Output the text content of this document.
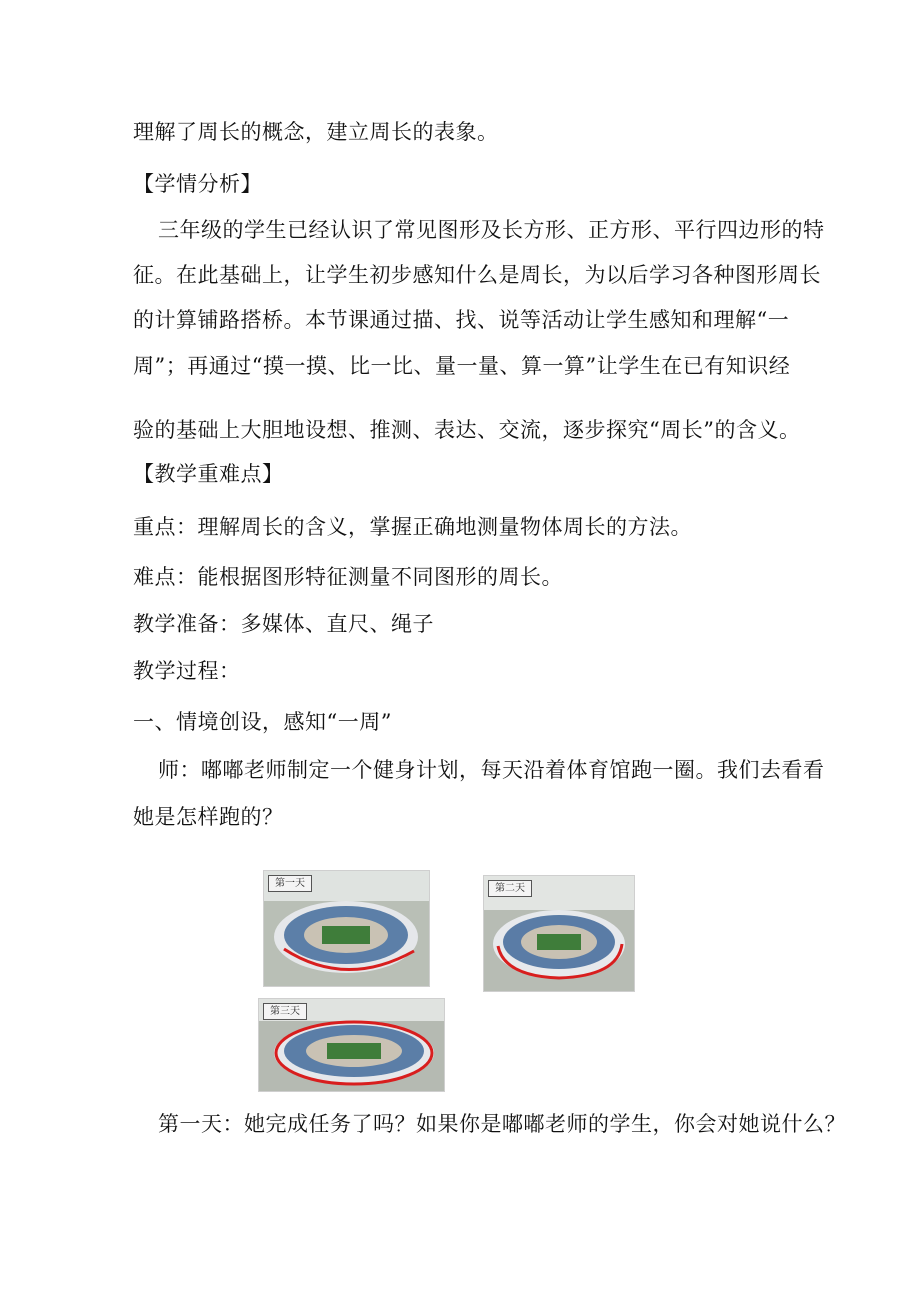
理解了周长的概念，建立周长的表象。
【学情分析】
三年级的学生已经认识了常见图形及长方形、正方形、平行四边形的特
征。在此基础上，让学生初步感知什么是周长，为以后学习各种图形周长
的计算铺路搭桥。本节课通过描、找、说等活动让学生感知和理解“一
周”；再通过“摸一摸、比一比、量一量、算一算”让学生在已有知识经
验的基础上大胆地设想、推测、表达、交流，逐步探究“周长”的含义。
【教学重难点】
重点：理解周长的含义，掌握正确地测量物体周长的方法。
难点：能根据图形特征测量不同图形的周长。
教学准备：多媒体、直尺、绳子
教学过程：
一、情境创设，感知“一周”
师：嘟嘟老师制定一个健身计划，每天沿着体育馆跑一圈。我们去看看
她是怎样跑的？
第一天	第二天
第三天
第一天：她完成任务了吗？如果你是嘟嘟老师的学生，你会对她说什么？
